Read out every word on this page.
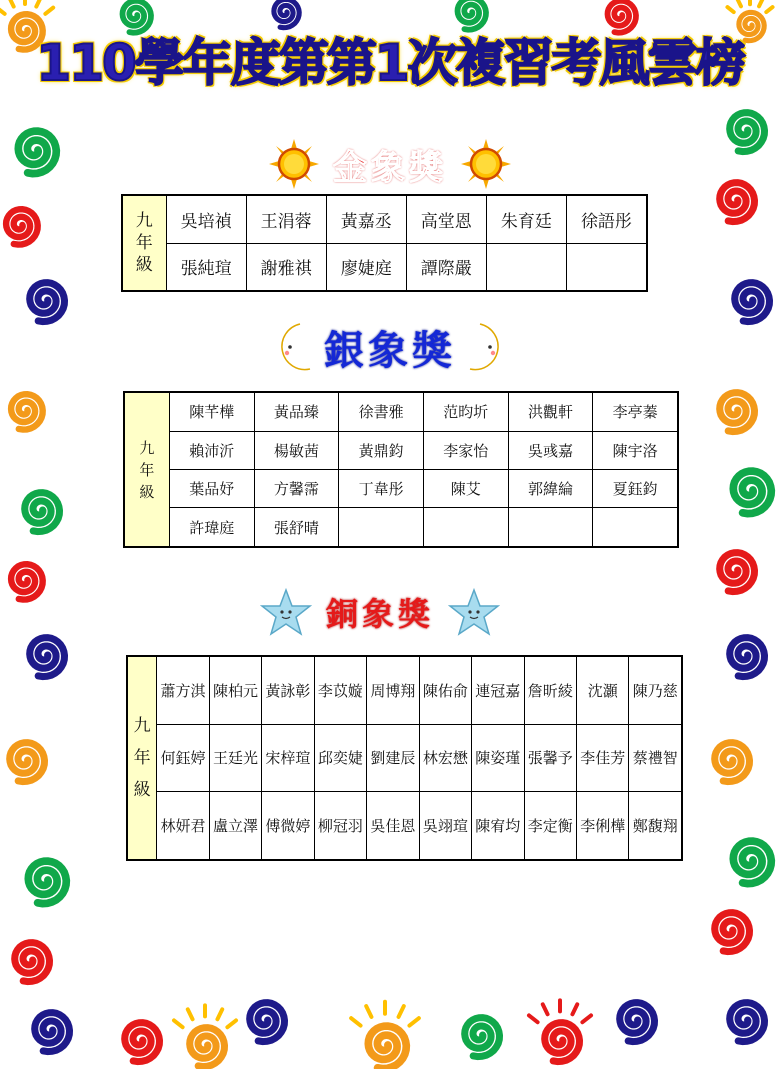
110學年度第第1次複習考風雲榜
金象獎
九
年
級	吳培禎	王涓蓉	黃嘉丞	高堂恩	朱育廷	徐語彤
	張純瑄	謝雅祺	廖婕庭	譚際嚴		
銀象獎
九
年
級	陳芊樺	黃品臻	徐書雅	范昀圻	洪觀軒	李亭蓁
	賴沛沂	楊敏茜	黃鼎鈞	李家怡	吳彧嘉	陳宇洛
	葉品妤	方馨霈	丁韋彤	陳艾	郭緯綸	夏鈺鈞
	許瑋庭	張舒晴				
銅象獎
九
年
級	蕭方淇	陳柏元	黃詠彰	李苡嫙	周博翔	陳佑俞	連冠嘉	詹昕綾	沈灝	陳乃慈
	何鈺婷	王廷光	宋梓瑄	邱奕婕	劉建辰	林宏懋	陳姿瑾	張馨予	李佳芳	蔡禮智
	林妍君	盧立澤	傅微婷	柳冠羽	吳佳恩	吳翊瑄	陳宥均	李定衡	李俐樺	鄭馥翔
